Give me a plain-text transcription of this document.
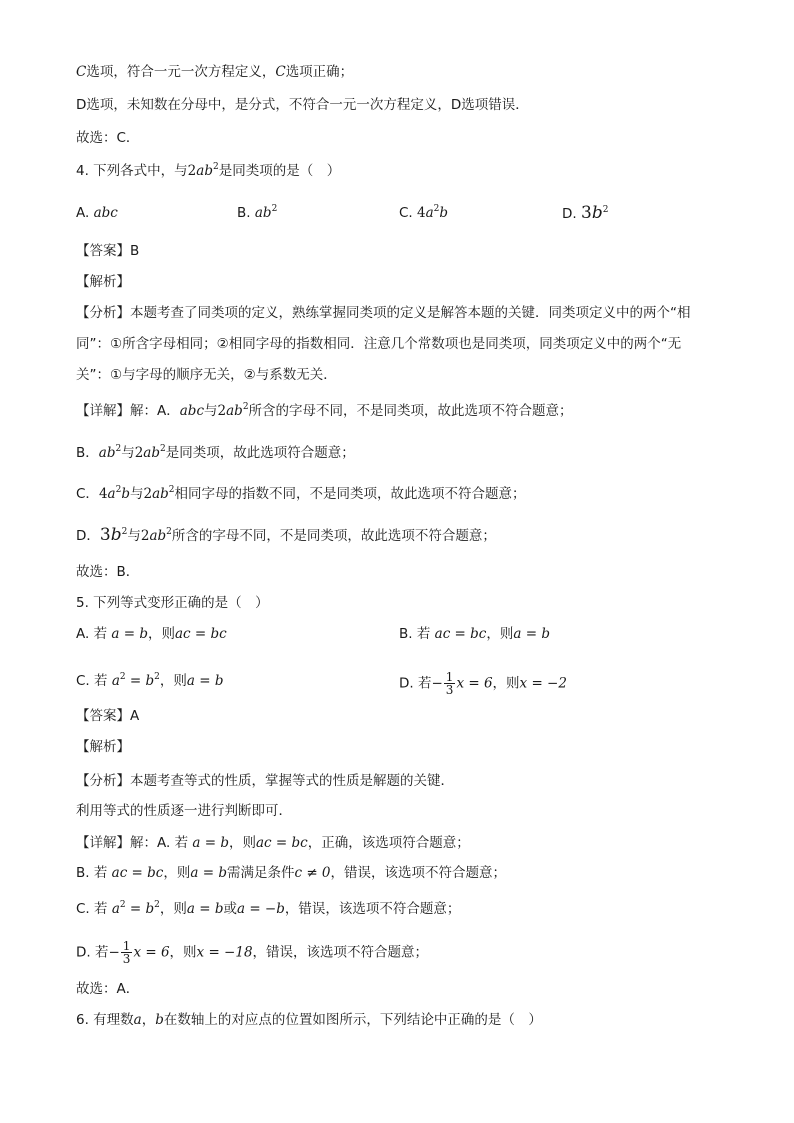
C选项，符合一元一次方程定义，C选项正确；
D选项，未知数在分母中，是分式，不符合一元一次方程定义，D选项错误．
故选：C．
4. 下列各式中，与$2ab^2$是同类项的是（　）
A. abc	B. $ab^2$	C. $4a^2b$	D. $3b^2$
【答案】B
【解析】
【分析】本题考查了同类项的定义，熟练掌握同类项的定义是解答本题的关键．同类项定义中的两个“相
同”：①所含字母相同；②相同字母的指数相同．注意几个常数项也是同类项，同类项定义中的两个“无
关”：①与字母的顺序无关，②与系数无关．
【详解】解：A．abc与$2ab^2$所含的字母不同，不是同类项，故此选项不符合题意；
B．$ab^2$与$2ab^2$是同类项，故此选项符合题意；
C．$4a^2b$与$2ab^2$相同字母的指数不同，不是同类项，故此选项不符合题意；
D．$3b^2$与$2ab^2$所含的字母不同，不是同类项，故此选项不符合题意；
故选：B．
5. 下列等式变形正确的是（　）
A. 若 a = b，则ac = bc	B. 若 ac = bc，则a = b
C. 若 $a^2 = b^2$，则a = b	D. 若− $\frac{1}{3}$ x = 6，则x = −2
【答案】A
【解析】
【分析】本题考查等式的性质，掌握等式的性质是解题的关键．
利用等式的性质逐一进行判断即可．
【详解】解：A. 若 a = b，则ac = bc，正确，该选项符合题意；
B. 若 ac = bc，则a = b需满足条件c ≠ 0，错误，该选项不符合题意；
C. 若 $a^2 = b^2$，则a = b或a = −b，错误，该选项不符合题意；
D. 若− $\frac{1}{3}$ x = 6，则x = −18，错误，该选项不符合题意；
故选：A．
6. 有理数a，b在数轴上的对应点的位置如图所示，下列结论中正确的是（　）
